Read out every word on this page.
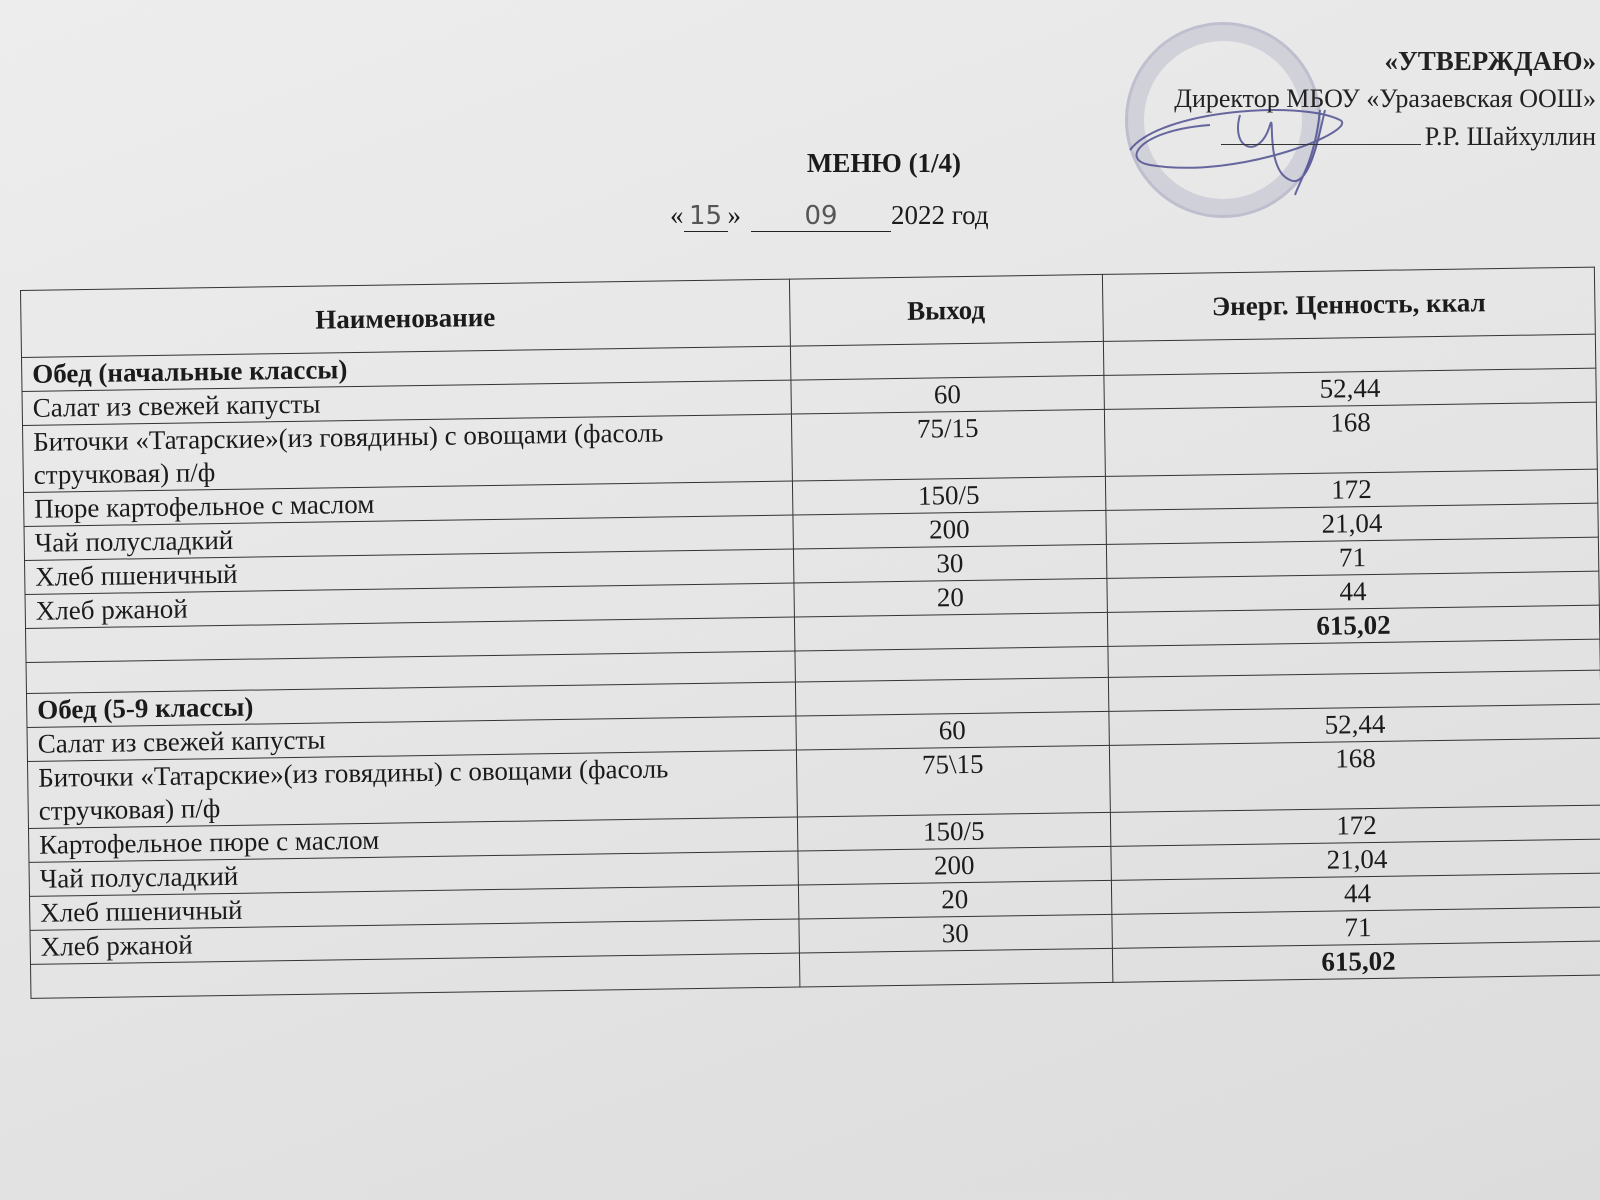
«УТВЕРЖДАЮ»
Директор МБОУ «Уразаевская ООШ»
Р.Р. Шайхуллин
МЕНЮ (1/4)
« 15 » 09 2022 год
Наименование	Выход	Энерг. Ценность, ккал
Обед (начальные классы)		
Салат из свежей капусты	60	52,44
Биточки «Татарские»(из говядины) с овощами (фасоль стручковая) п/ф	75/15	168
Пюре картофельное с маслом	150/5	172
Чай полусладкий	200	21,04
Хлеб пшеничный	30	71
Хлеб ржаной	20	44
		615,02

Обед (5-9 классы)		
Салат из свежей капусты	60	52,44
Биточки «Татарские»(из говядины) с овощами (фасоль стручковая) п/ф	75\15	168
Картофельное пюре с маслом	150/5	172
Чай полусладкий	200	21,04
Хлеб пшеничный	20	44
Хлеб ржаной	30	71
		615,02
